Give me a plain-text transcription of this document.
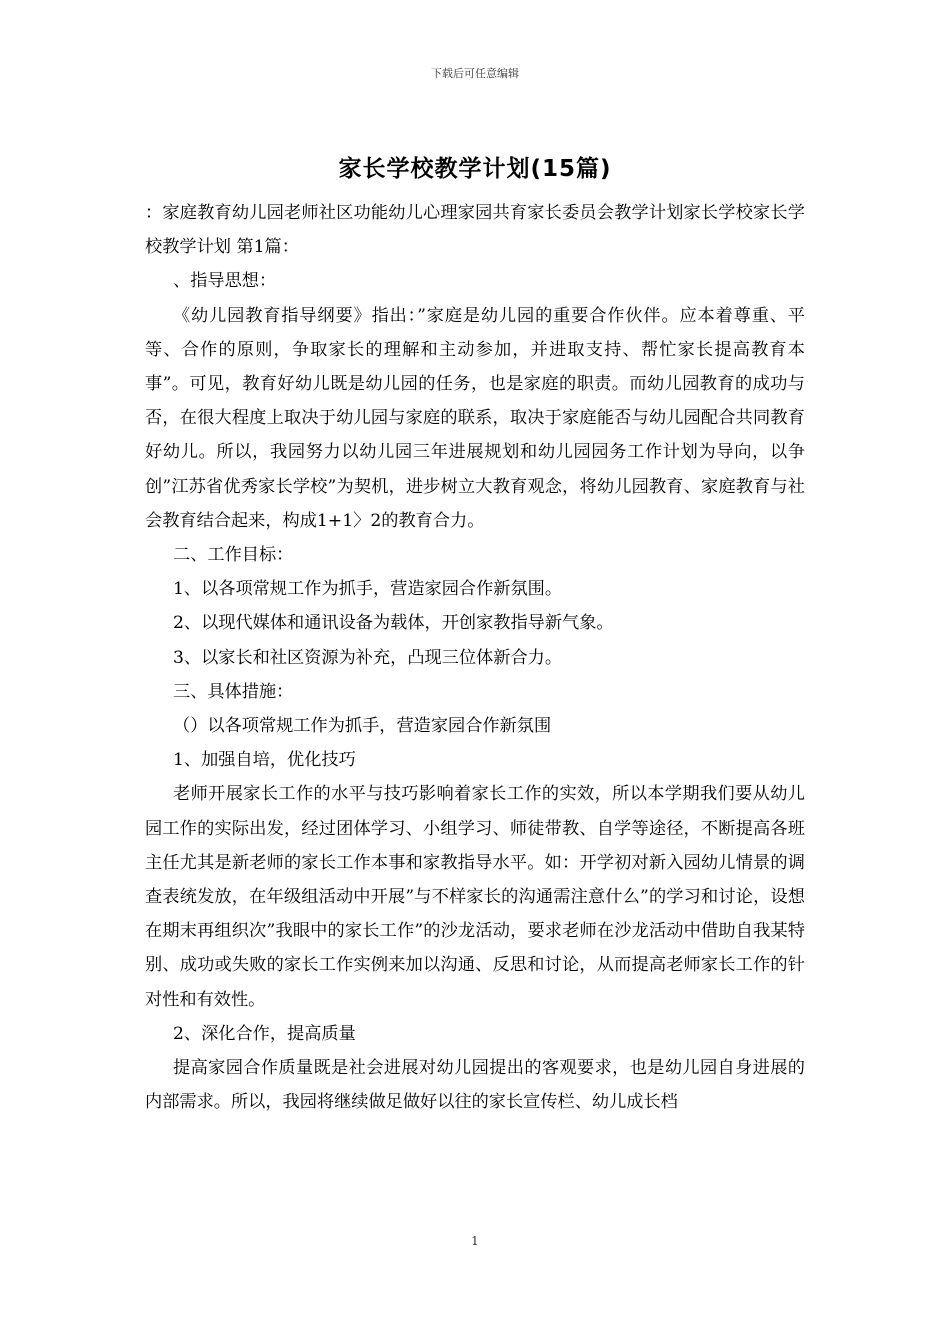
下载后可任意编辑
家长学校教学计划(15篇)

：家庭教育幼儿园老师社区功能幼儿心理家园共育家长委员会教学计划家长学校家长学校教学计划 第1篇：

、指导思想：

《幼儿园教育指导纲要》指出：”家庭是幼儿园的重要合作伙伴。应本着尊重、平等、合作的原则，争取家长的理解和主动参加，并进取支持、帮忙家长提高教育本事”。可见，教育好幼儿既是幼儿园的任务，也是家庭的职责。而幼儿园教育的成功与否，在很大程度上取决于幼儿园与家庭的联系，取决于家庭能否与幼儿园配合共同教育好幼儿。所以，我园努力以幼儿园三年进展规划和幼儿园园务工作计划为导向，以争创”江苏省优秀家长学校”为契机，进步树立大教育观念，将幼儿园教育、家庭教育与社会教育结合起来，构成1+1〉2的教育合力。

二、工作目标：

1、以各项常规工作为抓手，营造家园合作新氛围。

2、以现代媒体和通讯设备为载体，开创家教指导新气象。

3、以家长和社区资源为补充，凸现三位体新合力。

三、具体措施：

（）以各项常规工作为抓手，营造家园合作新氛围

1、加强自培，优化技巧

老师开展家长工作的水平与技巧影响着家长工作的实效，所以本学期我们要从幼儿园工作的实际出发，经过团体学习、小组学习、师徒带教、自学等途径，不断提高各班主任尤其是新老师的家长工作本事和家教指导水平。如：开学初对新入园幼儿情景的调查表统发放，在年级组活动中开展”与不样家长的沟通需注意什么”的学习和讨论，设想在期末再组织次”我眼中的家长工作”的沙龙活动，要求老师在沙龙活动中借助自我某特别、成功或失败的家长工作实例来加以沟通、反思和讨论，从而提高老师家长工作的针对性和有效性。

2、深化合作，提高质量

提高家园合作质量既是社会进展对幼儿园提出的客观要求，也是幼儿园自身进展的内部需求。所以，我园将继续做足做好以往的家长宣传栏、幼儿成长档

1
